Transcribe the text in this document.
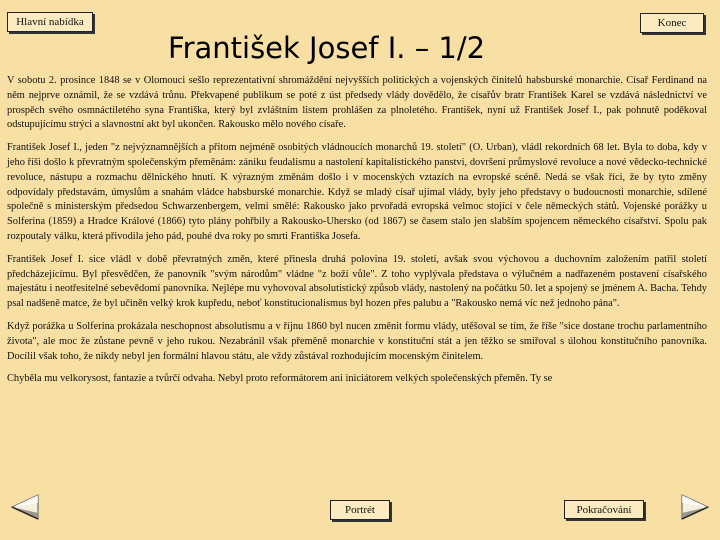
Hlavní nabídka	Konec
František Josef I. – 1/2

V sobotu 2. prosince 1848 se v Olomouci sešlo reprezentativní shromáždění nejvyšších politických a vojenských činitelů habsburské monarchie. Císař Ferdinand na něm nejprve oznámil, že se vzdává trůnu. Překvapené publikum se poté z úst předsedy vlády dovědělo, že císařův bratr František Karel se vzdává následnictví ve prospěch svého osmnáctiletého syna Františka, který byl zvláštním listem prohlášen za plnoletého. František, nyní už František Josef I., pak pohnutě poděkoval odstupujícímu strýci a slavnostní akt byl ukončen. Rakousko mělo nového císaře.

František Josef I., jeden "z nejvýznamnějších a přitom nejméně osobitých vládnoucích monarchů 19. století" (O. Urban), vládl rekordních 68 let. Byla to doba, kdy v jeho říši došlo k převratným společenským přeměnám: zániku feudalismu a nastolení kapitalistického panství, dovršení průmyslové revoluce a nové vědecko-technické revoluce, nástupu a rozmachu dělnického hnutí. K výrazným změnám došlo i v mocenských vztazích na evropské scéně. Nedá se však říci, že by tyto změny odpovídaly představám, úmyslům a snahám vládce habsburské monarchie. Když se mladý císař ujímal vlády, byly jeho představy o budoucnosti monarchie, sdílené společně s ministerským předsedou Schwarzenbergem, velmi smělé: Rakousko jako prvořadá evropská velmoc stojící v čele německých států. Vojenské porážky u Solferina (1859) a Hradce Králové (1866) tyto plány pohřbily a Rakousko-Uhersko (od 1867) se časem stalo jen slabším spojencem německého císařství. Spolu pak rozpoutaly válku, která přivodila jeho pád, pouhé dva roky po smrti Františka Josefa.

František Josef I. sice vládl v době převratných změn, které přinesla druhá polovina 19. století, avšak svou výchovou a duchovním založením patřil století předcházejícímu. Byl přesvědčen, že panovník "svým národům" vládne "z boží vůle". Z toho vyplývala představa o výlučném a nadřazeném postavení císařského majestátu i neotřesitelné sebevědomí panovníka. Nejlépe mu vyhovoval absolutistický způsob vlády, nastolený na počátku 50. let a spojený se jménem A. Bacha. Tehdy psal nadšeně matce, že byl učiněn velký krok kupředu, neboť konstitucionalismus byl hozen přes palubu a "Rakousko nemá víc než jednoho pána".

Když porážka u Solferina prokázala neschopnost absolutismu a v říjnu 1860 byl nucen změnit formu vlády, utěšoval se tím, že říše "sice dostane trochu parlamentního života", ale moc že zůstane pevně v jeho rukou. Nezabránil však přeměně monarchie v konstituční stát a jen těžko se smiřoval s úlohou konstitučního panovníka. Docílil však toho, že nikdy nebyl jen formální hlavou státu, ale vždy zůstával rozhodujícím mocenským činitelem.

Chyběla mu velkorysost, fantazie a tvůrčí odvaha. Nebyl proto reformátorem ani iniciátorem velkých společenských přeměn. Ty se

Portrét	Pokračování
